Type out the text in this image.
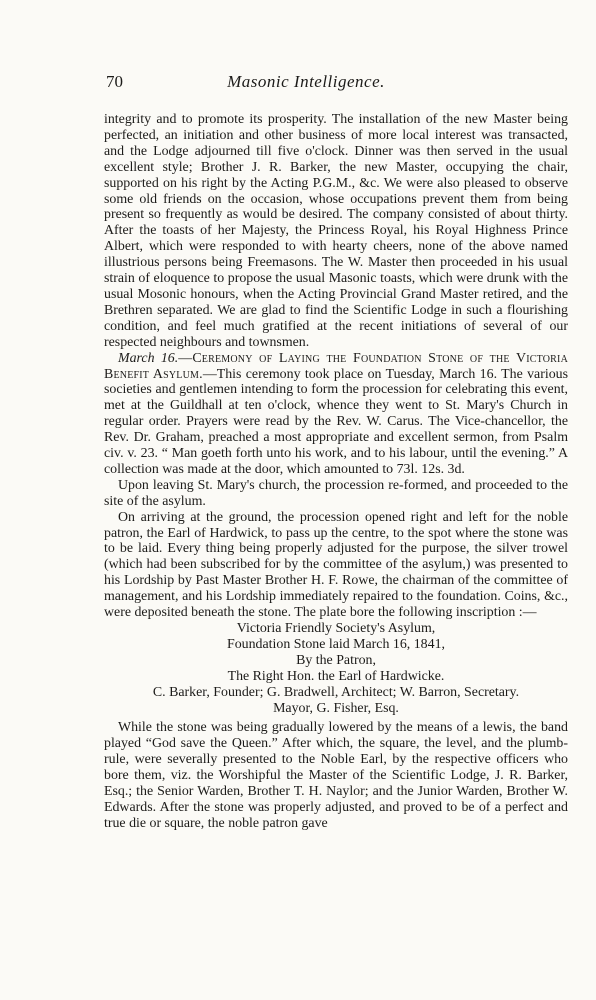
70	Masonic Intelligence.

integrity and to promote its prosperity. The installation of the new Master being perfected, an initiation and other business of more local interest was transacted, and the Lodge adjourned till five o'clock. Dinner was then served in the usual excellent style; Brother J. R. Barker, the new Master, occupying the chair, supported on his right by the Acting P.G.M., &c. We were also pleased to observe some old friends on the occasion, whose occupations prevent them from being present so frequently as would be desired. The company consisted of about thirty. After the toasts of her Majesty, the Princess Royal, his Royal Highness Prince Albert, which were responded to with hearty cheers, none of the above named illustrious persons being Freemasons. The W. Master then proceeded in his usual strain of eloquence to propose the usual Masonic toasts, which were drunk with the usual Mosonic honours, when the Acting Provincial Grand Master retired, and the Brethren separated. We are glad to find the Scientific Lodge in such a flourishing condition, and feel much gratified at the recent initiations of several of our respected neighbours and townsmen.

March 16.—Ceremony of Laying the Foundation Stone of the Victoria Benefit Asylum.—This ceremony took place on Tuesday, March 16. The various societies and gentlemen intending to form the procession for celebrating this event, met at the Guildhall at ten o'clock, whence they went to St. Mary's Church in regular order. Prayers were read by the Rev. W. Carus. The Vice-chancellor, the Rev. Dr. Graham, preached a most appropriate and excellent sermon, from Psalm civ. v. 23. “ Man goeth forth unto his work, and to his labour, until the evening.” A collection was made at the door, which amounted to 73l. 12s. 3d.

Upon leaving St. Mary's church, the procession re-formed, and proceeded to the site of the asylum.

On arriving at the ground, the procession opened right and left for the noble patron, the Earl of Hardwick, to pass up the centre, to the spot where the stone was to be laid. Every thing being properly adjusted for the purpose, the silver trowel (which had been subscribed for by the committee of the asylum,) was presented to his Lordship by Past Master Brother H. F. Rowe, the chairman of the committee of management, and his Lordship immediately repaired to the foundation. Coins, &c., were deposited beneath the stone. The plate bore the following inscription :—

Victoria Friendly Society's Asylum,
Foundation Stone laid March 16, 1841,
By the Patron,
The Right Hon. the Earl of Hardwicke.
C. Barker, Founder; G. Bradwell, Architect; W. Barron, Secretary.
Mayor, G. Fisher, Esq.

While the stone was being gradually lowered by the means of a lewis, the band played “God save the Queen.” After which, the square, the level, and the plumb-rule, were severally presented to the Noble Earl, by the respective officers who bore them, viz. the Worshipful the Master of the Scientific Lodge, J. R. Barker, Esq.; the Senior Warden, Brother T. H. Naylor; and the Junior Warden, Brother W. Edwards. After the stone was properly adjusted, and proved to be of a perfect and true die or square, the noble patron gave
